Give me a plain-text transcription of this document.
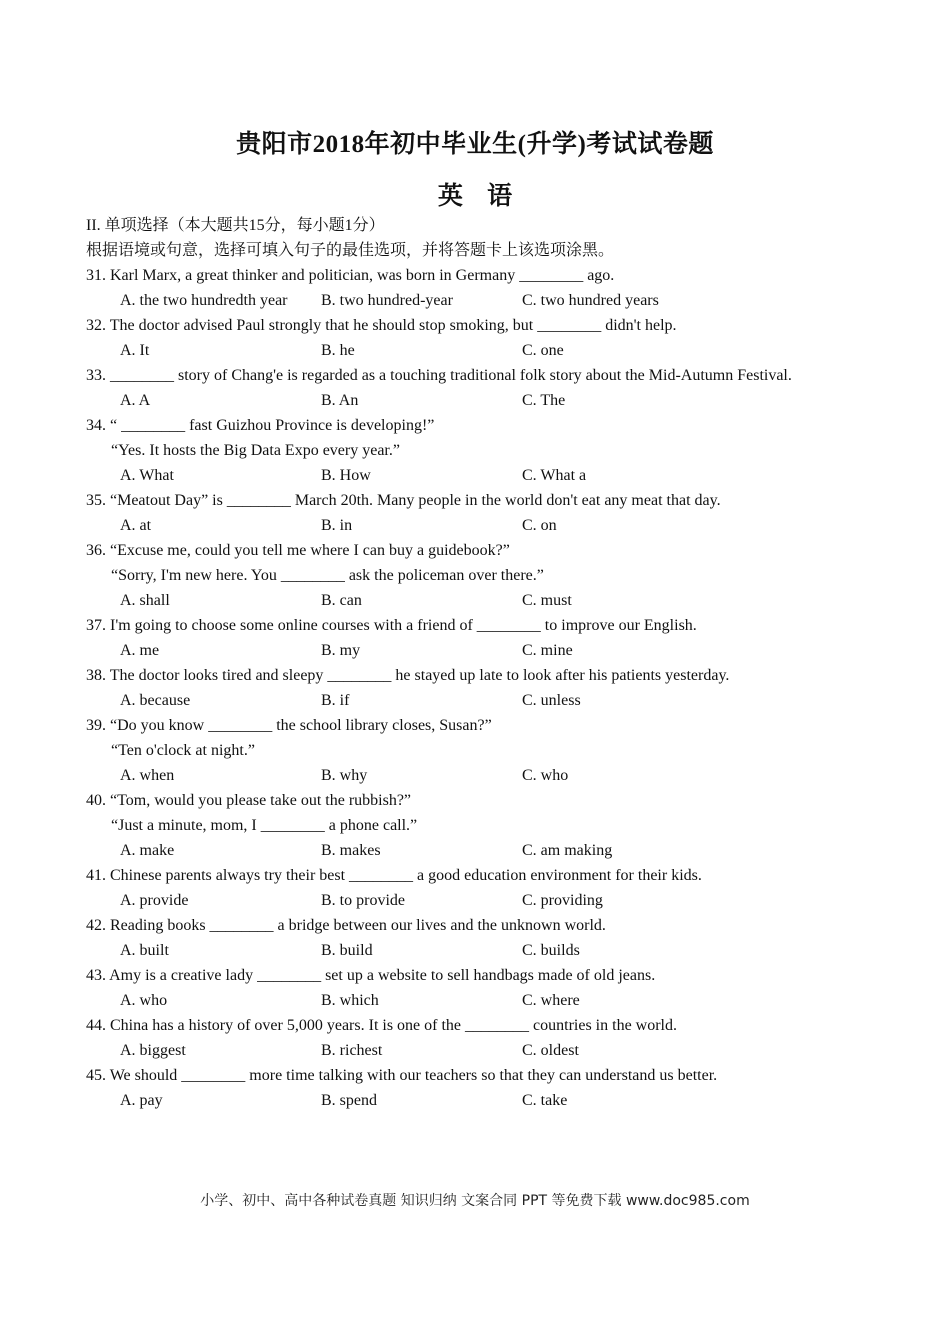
贵阳市2018年初中毕业生(升学)考试试卷题
英 语
II. 单项选择（本大题共15分，每小题1分）
根据语境或句意，选择可填入句子的最佳选项，并将答题卡上该选项涂黑。
31. Karl Marx, a great thinker and politician, was born in Germany ________ ago.
A. the two hundredth year B. two hundred-year	C. two hundred years
32. The doctor advised Paul strongly that he should stop smoking, but ________ didn't help.
A. It	B. he	C. one
33. ________ story of Chang'e is regarded as a touching traditional folk story about the Mid-Autumn Festival.
A. A	B. An	C. The
34. “ ________ fast Guizhou Province is developing!”
“Yes. It hosts the Big Data Expo every year.”
A. What	B. How	C. What a
35. “Meatout Day” is ________ March 20th. Many people in the world don't eat any meat that day.
A. at	B. in	C. on
36. “Excuse me, could you tell me where I can buy a guidebook?”
“Sorry, I'm new here. You ________ ask the policeman over there.”
A. shall	B. can	C. must
37. I'm going to choose some online courses with a friend of ________ to improve our English.
A. me	B. my	C. mine
38. The doctor looks tired and sleepy ________ he stayed up late to look after his patients yesterday.
A. because	B. if	C. unless
39. “Do you know ________ the school library closes, Susan?”
“Ten o'clock at night.”
A. when	B. why	C. who
40. “Tom, would you please take out the rubbish?”
“Just a minute, mom, I ________ a phone call.”
A. make	B. makes	C. am making
41. Chinese parents always try their best ________ a good education environment for their kids.
A. provide	B. to provide	C. providing
42. Reading books ________ a bridge between our lives and the unknown world.
A. built	B. build	C. builds
43. Amy is a creative lady ________ set up a website to sell handbags made of old jeans.
A. who	B. which	C. where
44. China has a history of over 5,000 years. It is one of the ________ countries in the world.
A. biggest	B. richest	C. oldest
45. We should ________ more time talking with our teachers so that they can understand us better.
A. pay	B. spend	C. take
小学、初中、高中各种试卷真题 知识归纳 文案合同 PPT 等免费下载 www.doc985.com
